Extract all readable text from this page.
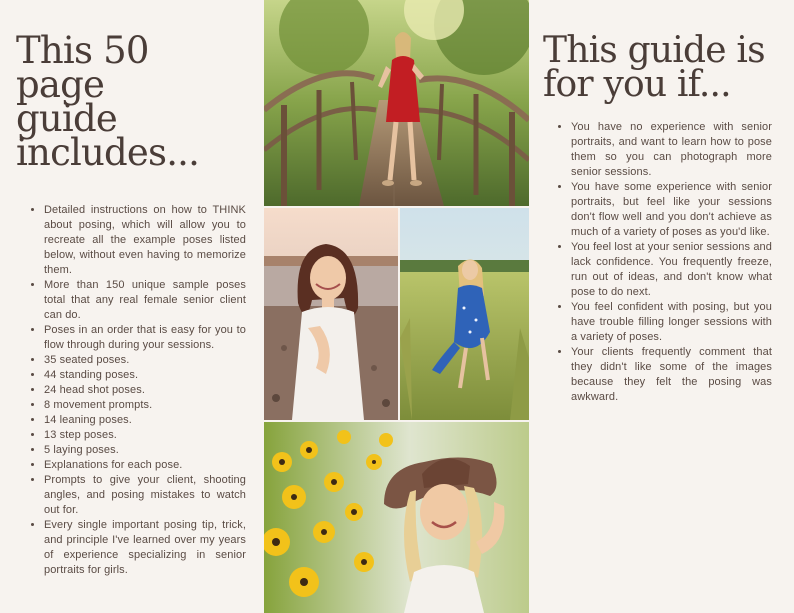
This 50 page
guide
includes...
• Detailed instructions on how to THINK about posing, which will allow you to recreate all the example poses listed below, without even having to memorize them.
• More than 150 unique sample poses total that any real female senior client can do.
• Poses in an order that is easy for you to flow through during your sessions.
• 35 seated poses.
• 44 standing poses.
• 24 head shot poses.
• 8 movement prompts.
• 14 leaning poses.
• 13 step poses.
• 5 laying poses.
• Explanations for each pose.
• Prompts to give your client, shooting angles, and posing mistakes to watch out for.
• Every single important posing tip, trick, and principle I've learned over my years of experience specializing in senior portraits for girls.
This guide is
for you if...
• You have no experience with senior portraits, and want to learn how to pose them so you can photograph more senior sessions.
• You have some experience with senior portraits, but feel like your sessions don't flow well and you don't achieve as much of a variety of poses as you'd like.
• You feel lost at your senior sessions and lack confidence. You frequently freeze, run out of ideas, and don't know what pose to do next.
• You feel confident with posing, but you have trouble filling longer sessions with a variety of poses.
• Your clients frequently comment that they didn't like some of the images because they felt the posing was awkward.
